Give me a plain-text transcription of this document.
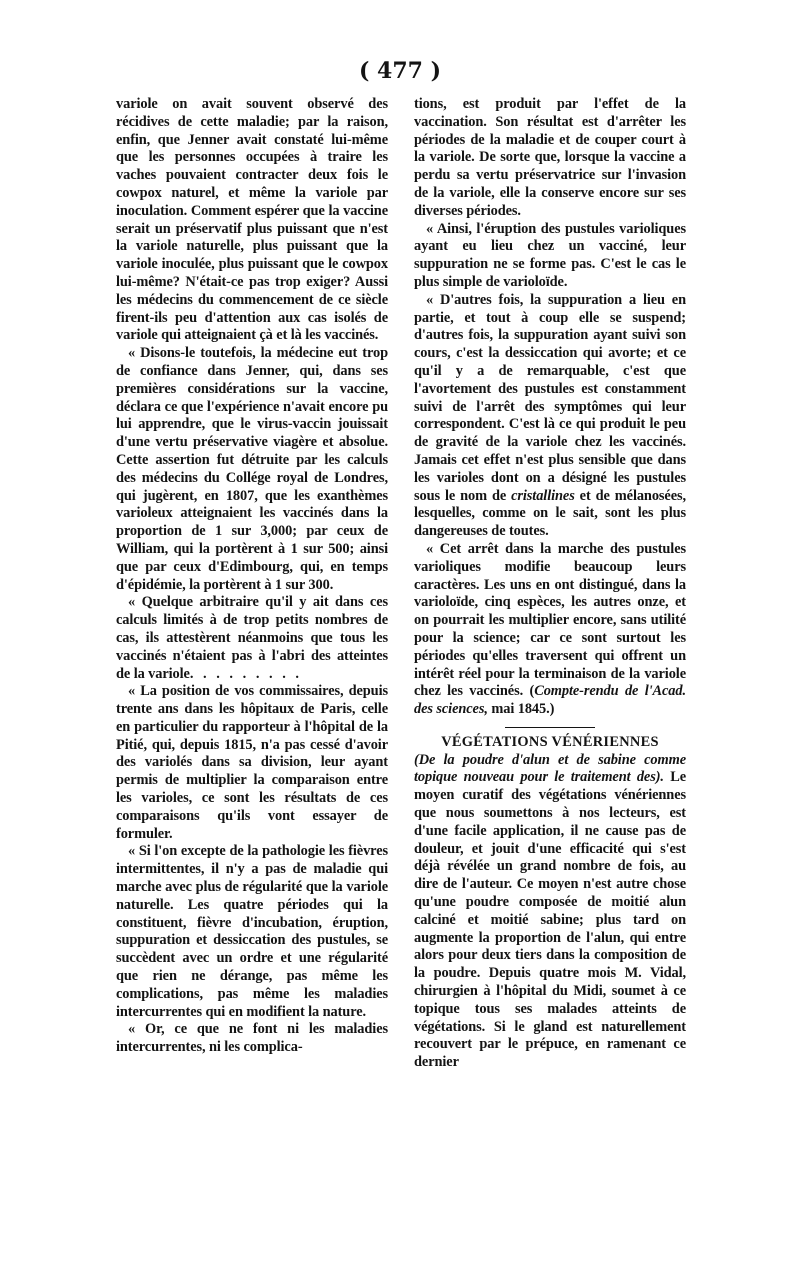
( 477 )

variole on avait souvent observé des récidives de cette maladie; par la raison, enfin, que Jenner avait constaté lui-même que les personnes occupées à traire les vaches pouvaient contracter deux fois le cowpox naturel, et même la variole par inoculation. Comment espérer que la vaccine serait un préservatif plus puissant que n'est la variole naturelle, plus puissant que la variole inoculée, plus puissant que le cowpox lui-même? N'était-ce pas trop exiger? Aussi les médecins du commencement de ce siècle firent-ils peu d'attention aux cas isolés de variole qui atteignaient çà et là les vaccinés.

« Disons-le toutefois, la médecine eut trop de confiance dans Jenner, qui, dans ses premières considérations sur la vaccine, déclara ce que l'expérience n'avait encore pu lui apprendre, que le virus-vaccin jouissait d'une vertu préservative viagère et absolue. Cette assertion fut détruite par les calculs des médecins du Collége royal de Londres, qui jugèrent, en 1807, que les exanthèmes varioleux atteignaient les vaccinés dans la proportion de 1 sur 3,000; par ceux de William, qui la portèrent à 1 sur 500; ainsi que par ceux d'Edimbourg, qui, en temps d'épidémie, la portèrent à 1 sur 300.

« Quelque arbitraire qu'il y ait dans ces calculs limités à de trop petits nombres de cas, ils attestèrent néanmoins que tous les vaccinés n'étaient pas à l'abri des atteintes de la variole. . . . . . . . .

« La position de vos commissaires, depuis trente ans dans les hôpitaux de Paris, celle en particulier du rapporteur à l'hôpital de la Pitié, qui, depuis 1815, n'a pas cessé d'avoir des variolés dans sa division, leur ayant permis de multiplier la comparaison entre les varioles, ce sont les résultats de ces comparaisons qu'ils vont essayer de formuler.

« Si l'on excepte de la pathologie les fièvres intermittentes, il n'y a pas de maladie qui marche avec plus de régularité que la variole naturelle. Les quatre périodes qui la constituent, fièvre d'incubation, éruption, suppuration et dessiccation des pustules, se succèdent avec un ordre et une régularité que rien ne dérange, pas même les complications, pas même les maladies intercurrentes qui en modifient la nature.

« Or, ce que ne font ni les maladies intercurrentes, ni les complica-

tions, est produit par l'effet de la vaccination. Son résultat est d'arrêter les périodes de la maladie et de couper court à la variole. De sorte que, lorsque la vaccine a perdu sa vertu préservatrice sur l'invasion de la variole, elle la conserve encore sur ses diverses périodes.

« Ainsi, l'éruption des pustules varioliques ayant eu lieu chez un vacciné, leur suppuration ne se forme pas. C'est le cas le plus simple de varioloïde.

« D'autres fois, la suppuration a lieu en partie, et tout à coup elle se suspend; d'autres fois, la suppuration ayant suivi son cours, c'est la dessiccation qui avorte; et ce qu'il y a de remarquable, c'est que l'avortement des pustules est constamment suivi de l'arrêt des symptômes qui leur correspondent. C'est là ce qui produit le peu de gravité de la variole chez les vaccinés. Jamais cet effet n'est plus sensible que dans les varioles dont on a désigné les pustules sous le nom de cristallines et de mélanosées, lesquelles, comme on le sait, sont les plus dangereuses de toutes.

« Cet arrêt dans la marche des pustules varioliques modifie beaucoup leurs caractères. Les uns en ont distingué, dans la varioloïde, cinq espèces, les autres onze, et on pourrait les multiplier encore, sans utilité pour la science; car ce sont surtout les périodes qu'elles traversent qui offrent un intérêt réel pour la terminaison de la variole chez les vaccinés. (Compte-rendu de l'Acad. des sciences, mai 1845.)

VÉGÉTATIONS VÉNÉRIENNES

(De la poudre d'alun et de sabine comme topique nouveau pour le traitement des). Le moyen curatif des végétations vénériennes que nous soumettons à nos lecteurs, est d'une facile application, il ne cause pas de douleur, et jouit d'une efficacité qui s'est déjà révélée un grand nombre de fois, au dire de l'auteur. Ce moyen n'est autre chose qu'une poudre composée de moitié alun calciné et moitié sabine; plus tard on augmente la proportion de l'alun, qui entre alors pour deux tiers dans la composition de la poudre. Depuis quatre mois M. Vidal, chirurgien à l'hôpital du Midi, soumet à ce topique tous ses malades atteints de végétations. Si le gland est naturellement recouvert par le prépuce, en ramenant ce dernier
